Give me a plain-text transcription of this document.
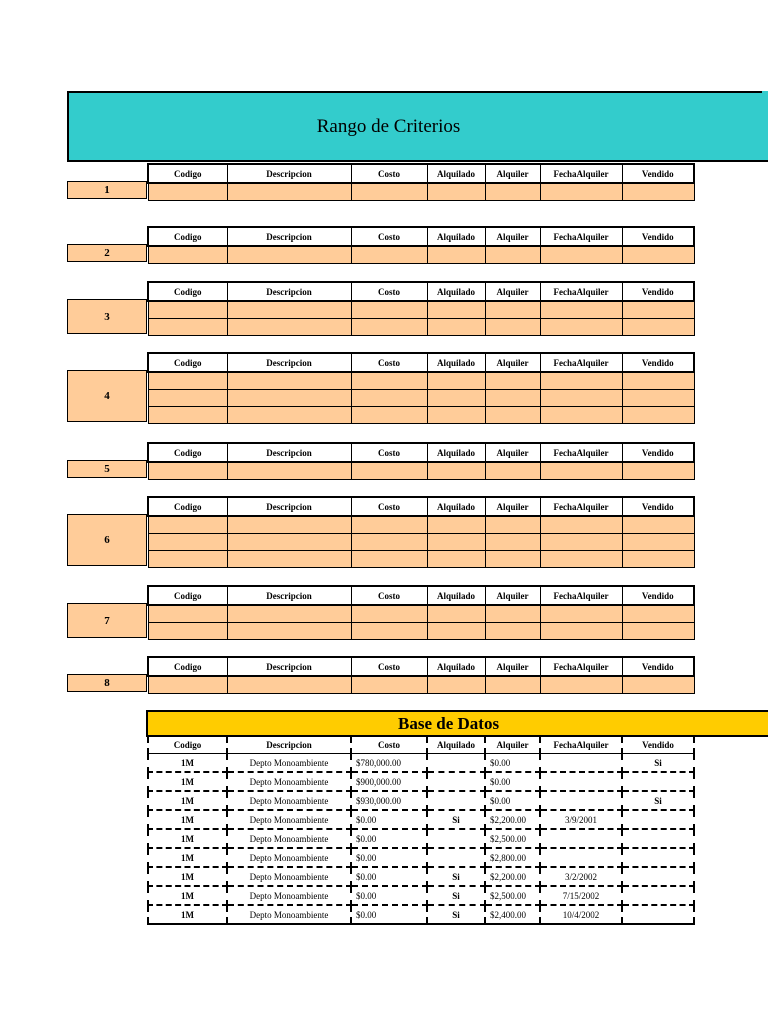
Rango de Criterios
Codigo	Descripcion	Costo	Alquilado	Alquiler	FechaAlquiler	Vendido

1
Codigo	Descripcion	Costo	Alquilado	Alquiler	FechaAlquiler	Vendido

2
Codigo	Descripcion	Costo	Alquilado	Alquiler	FechaAlquiler	Vendido

3
Codigo	Descripcion	Costo	Alquilado	Alquiler	FechaAlquiler	Vendido

4
Codigo	Descripcion	Costo	Alquilado	Alquiler	FechaAlquiler	Vendido

5
Codigo	Descripcion	Costo	Alquilado	Alquiler	FechaAlquiler	Vendido

6
Codigo	Descripcion	Costo	Alquilado	Alquiler	FechaAlquiler	Vendido

7
Codigo	Descripcion	Costo	Alquilado	Alquiler	FechaAlquiler	Vendido

8
Base de Datos
Codigo	Descripcion	Costo	Alquilado	Alquiler	FechaAlquiler	Vendido
1M	Depto Monoambiente	$780,000.00		$0.00		Si
1M	Depto Monoambiente	$900,000.00		$0.00		
1M	Depto Monoambiente	$930,000.00		$0.00		Si
1M	Depto Monoambiente	$0.00	Si	$2,200.00	3/9/2001	
1M	Depto Monoambiente	$0.00		$2,500.00		
1M	Depto Monoambiente	$0.00		$2,800.00		
1M	Depto Monoambiente	$0.00	Si	$2,200.00	3/2/2002	
1M	Depto Monoambiente	$0.00	Si	$2,500.00	7/15/2002	
1M	Depto Monoambiente	$0.00	Si	$2,400.00	10/4/2002	
